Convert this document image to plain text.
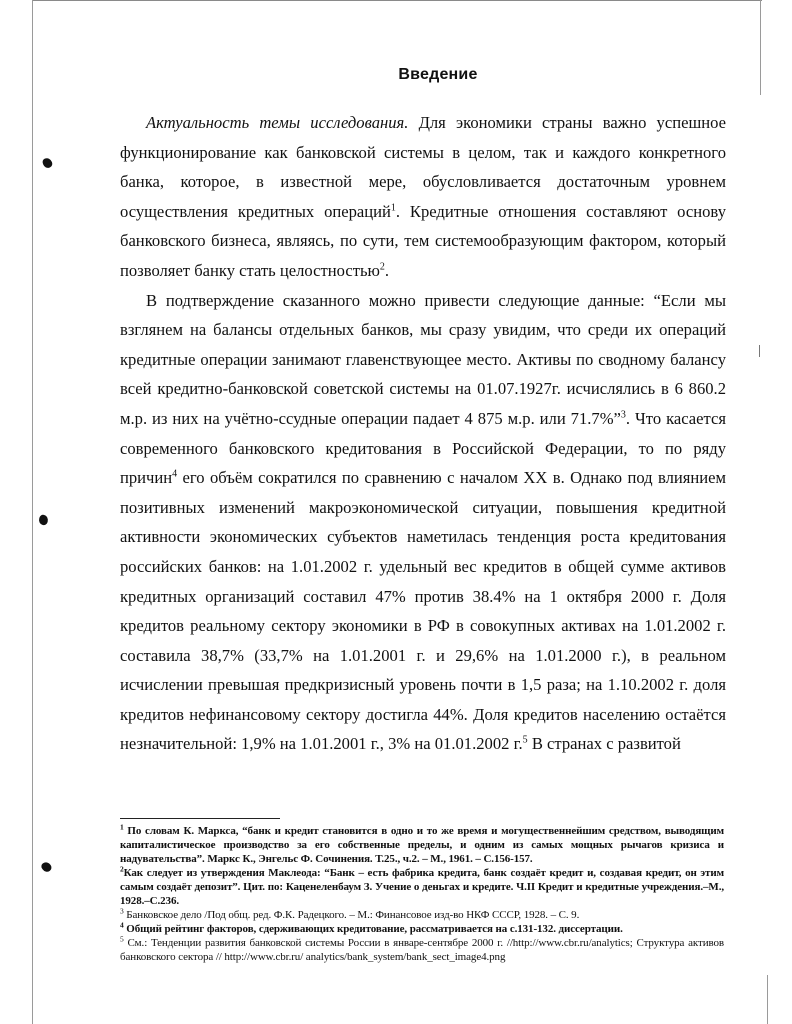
Введение

Актуальность темы исследования. Для экономики страны важно успешное функционирование как банковской системы в целом, так и каждого конкретного банка, которое, в известной мере, обусловливается достаточным уровнем осуществления кредитных операций$^1$. Кредитные отношения составляют основу банковского бизнеса, являясь, по сути, тем системообразующим фактором, который позволяет банку стать целостностью$^2$.

В подтверждение сказанного можно привести следующие данные: “Если мы взглянем на балансы отдельных банков, мы сразу увидим, что среди их операций кредитные операции занимают главенствующее место. Активы по сводному балансу всей кредитно-банковской советской системы на 01.07.1927г. исчислялись в 6 860.2 м.р. из них на учётно-ссудные операции падает 4 875 м.р. или 71.7%”$^3$. Что касается современного банковского кредитования в Российской Федерации, то по ряду причин$^4$ его объём сократился по сравнению с началом XX в. Однако под влиянием позитивных изменений макроэкономической ситуации, повышения кредитной активности экономических субъектов наметилась тенденция роста кредитования российских банков: на 1.01.2002 г. удельный вес кредитов в общей сумме активов кредитных организаций составил 47% против 38.4% на 1 октября 2000 г. Доля кредитов реальному сектору экономики в РФ в совокупных активах на 1.01.2002 г. составила 38,7% (33,7% на 1.01.2001 г. и 29,6% на 1.01.2000 г.), в реальном исчислении превышая предкризисный уровень почти в 1,5 раза; на 1.10.2002 г. доля кредитов нефинансовому сектору достигла 44%. Доля кредитов населению остаётся незначительной: 1,9% на 1.01.2001 г., 3% на 01.01.2002 г.$^5$ В странах с развитой

$^1$ По словам К. Маркса, “банк и кредит становится в одно и то же время и могущественнейшим средством, выводящим капиталистическое производство за его собственные пределы, и одним из самых мощных рычагов кризиса и надувательства”. Маркс К., Энгельс Ф. Сочинения. Т.25., ч.2. – М., 1961. – С.156-157.

$^2$Как следует из утверждения Маклеода: “Банк – есть фабрика кредита, банк создаёт кредит и, создавая кредит, он этим самым создаёт депозит”. Цит. по: Каценеленбаум З. Учение о деньгах и кредите. Ч.II Кредит и кредитные учреждения.–М., 1928.–С.236.

$^3$ Банковское дело /Под общ. ред. Ф.К. Радецкого. – М.: Финансовое изд-во НКФ СССР, 1928. – С. 9.

$^4$ Общий рейтинг факторов, сдерживающих кредитование, рассматривается на с.131-132. диссертации.

$^5$ См.: Тенденции развития банковской системы России в январе-сентябре 2000 г. //http://www.cbr.ru/analytics; Структура активов банковского сектора // http://www.cbr.ru/ analytics/bank_system/bank_sect_image4.png
